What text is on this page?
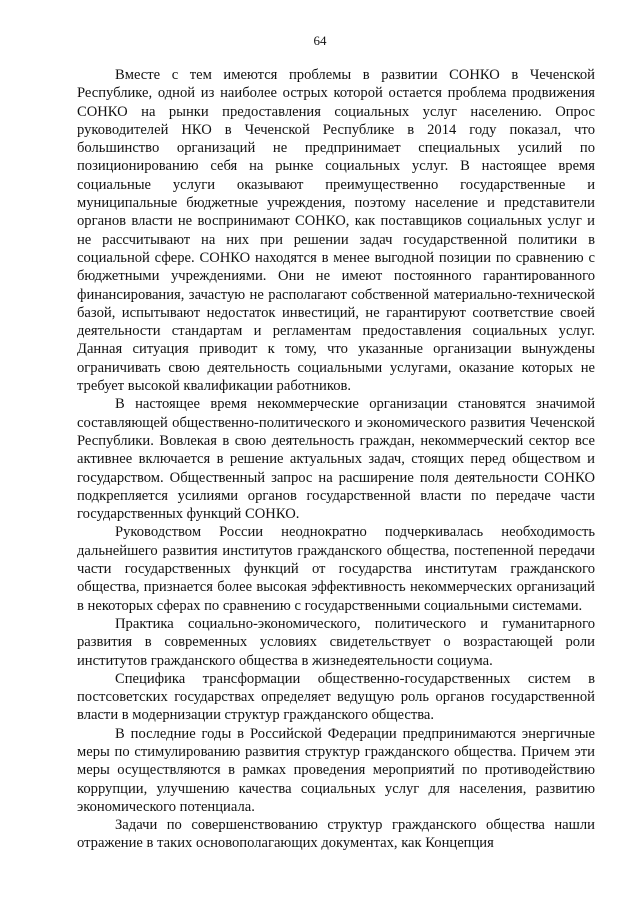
64

Вместе с тем имеются проблемы в развитии СОНКО в Чеченской Республике, одной из наиболее острых которой остается проблема продвижения СОНКО на рынки предоставления социальных услуг населению. Опрос руководителей НКО в Чеченской Республике в 2014 году показал, что большинство организаций не предпринимает специальных усилий по позиционированию себя на рынке социальных услуг. В настоящее время социальные услуги оказывают преимущественно государственные и муниципальные бюджетные учреждения, поэтому население и представители органов власти не воспринимают СОНКО, как поставщиков социальных услуг и не рассчитывают на них при решении задач государственной политики в социальной сфере. СОНКО находятся в менее выгодной позиции по сравнению с бюджетными учреждениями. Они не имеют постоянного гарантированного финансирования, зачастую не располагают собственной материально-технической базой, испытывают недостаток инвестиций, не гарантируют соответствие своей деятельности стандартам и регламентам предоставления социальных услуг. Данная ситуация приводит к тому, что указанные организации вынуждены ограничивать свою деятельность социальными услугами, оказание которых не требует высокой квалификации работников.

В настоящее время некоммерческие организации становятся значимой составляющей общественно-политического и экономического развития Чеченской Республики. Вовлекая в свою деятельность граждан, некоммерческий сектор все активнее включается в решение актуальных задач, стоящих перед обществом и государством. Общественный запрос на расширение поля деятельности СОНКО подкрепляется усилиями органов государственной власти по передаче части государственных функций СОНКО.

Руководством России неоднократно подчеркивалась необходимость дальнейшего развития институтов гражданского общества, постепенной передачи части государственных функций от государства институтам гражданского общества, признается более высокая эффективность некоммерческих организаций в некоторых сферах по сравнению с государственными социальными системами.

Практика социально-экономического, политического и гуманитарного развития в современных условиях свидетельствует о возрастающей роли институтов гражданского общества в жизнедеятельности социума.

Специфика трансформации общественно-государственных систем в постсоветских государствах определяет ведущую роль органов государственной власти в модернизации структур гражданского общества.

В последние годы в Российской Федерации предпринимаются энергичные меры по стимулированию развития структур гражданского общества. Причем эти меры осуществляются в рамках проведения мероприятий по противодействию коррупции, улучшению качества социальных услуг для населения, развитию экономического потенциала.

Задачи по совершенствованию структур гражданского общества нашли отражение в таких основополагающих документах, как Концепция
